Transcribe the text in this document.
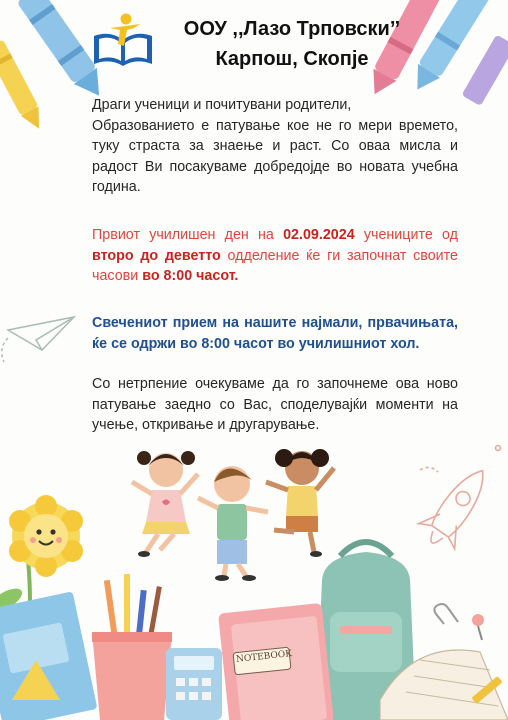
NOTEBOOK
ООУ ,,Лазо Трповски’’
Карпош, Скопје

Драги ученици и почитувани родители,
Образованието е патување кое не го мери времето, туку страста за знаење и раст. Со оваа мисла и радост Ви посакуваме добредојде во новата учебна година.

Првиот училишен ден на 02.09.2024 учениците од второ до деветто одделение ќе ги започнат своите часови во 8:00 часот.

Свечениот прием на нашите најмали, првачињата, ќе се одржи во 8:00 часот во училишниот хол.

Со нетрпение очекуваме да го започнеме ова ново патување заедно со Вас, споделувајќи моменти на учење, откривање и другарување.
